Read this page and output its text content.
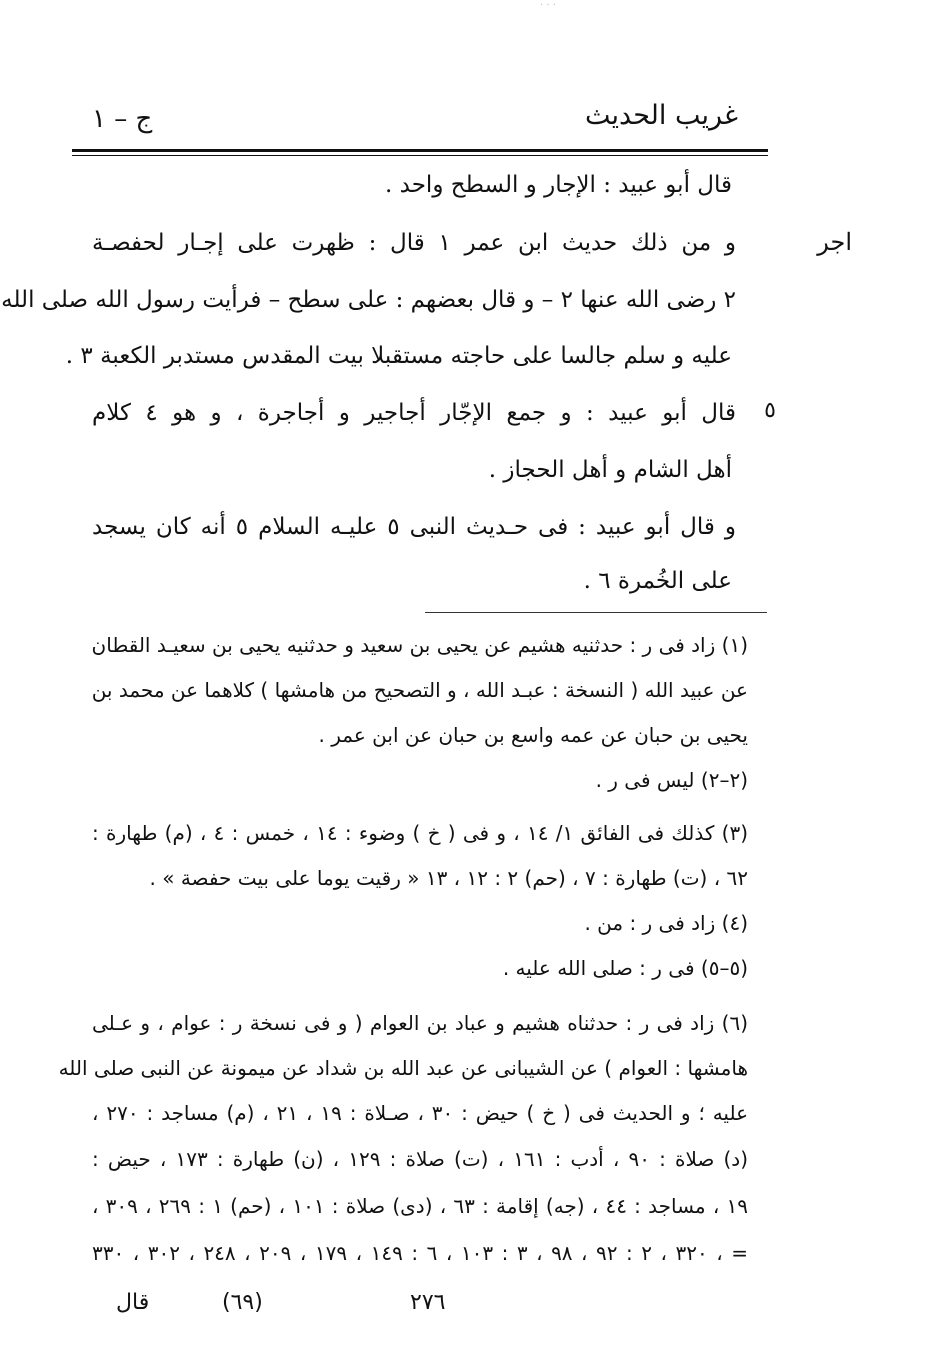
· · ·
غريب الحديث
ج – ١
اجر
٥
قال أبو عبيد : الإجار و السطح واحد .
و من ذلك حديث ابن عمر ١ قال : ظهرت على إجـار لحفصـة
٢ رضى الله عنها ٢ – و قال بعضهم : على سطح – فرأيت رسول الله صلى الله
عليه و سلم جالسا على حاجته مستقبلا بيت المقدس مستدبر الكعبة ٣ .
قال أبو عبيد : و جمع الإجّار أجاجير و أجاجرة ، و هو ٤ كلام
أهل الشام و أهل الحجاز .
و قال أبو عبيد : فى حـديث النبى ٥ عليـه السلام ٥ أنه كان يسجد
على الخُمرة ٦ .
(١) زاد فى ر : حدثنيه هشيم عن يحيى بن سعيد و حدثنيه يحيى بن سعيـد القطان
عن عبيد الله ( النسخة : عبـد الله ، و التصحيح من هامشها ) كلاهما عن محمد بن
يحيى بن حبان عن عمه واسع بن حبان عن ابن عمر .
(٢–٢) ليس فى ر .
(٣) كذلك فى الفائق ١/ ١٤ ، و فى ( خ ) وضوء : ١٤ ، خمس : ٤ ، (م) طهارة :
٦٢ ، (ت) طهارة : ٧ ، (حم) ٢ : ١٢ ، ١٣ « رقيت يوما على بيت حفصة » .
(٤) زاد فى ر : من .
(٥–٥) فى ر : صلى الله عليه .
(٦) زاد فى ر : حدثناه هشيم و عباد بن العوام ( و فى نسخة ر : عوام ، و عـلى
هامشها : العوام ) عن الشيبانى عن عبد الله بن شداد عن ميمونة عن النبى صلى الله
عليه ؛ و الحديث فى ( خ ) حيض : ٣٠ ، صـلاة : ١٩ ، ٢١ ، (م) مساجد : ٢٧٠ ،
(د) صلاة : ٩٠ ، أدب : ١٦١ ، (ت) صلاة : ١٢٩ ، (ن) طهارة : ١٧٣ ، حيض :
١٩ ، مساجد : ٤٤ ، (جه) إقامة : ٦٣ ، (دى) صلاة : ١٠١ ، (حم) ١ : ٢٦٩ ، ٣٠٩ ،
٣٢٠ ، ٢ : ٩٢ ، ٩٨ ، ٣ : ١٠٣ ، ٦ : ١٤٩ ، ١٧٩ ، ٢٠٩ ، ٢٤٨ ، ٣٠٢ ، ٣٣٠ ، =
قال	(٦٩)	٢٧٦
